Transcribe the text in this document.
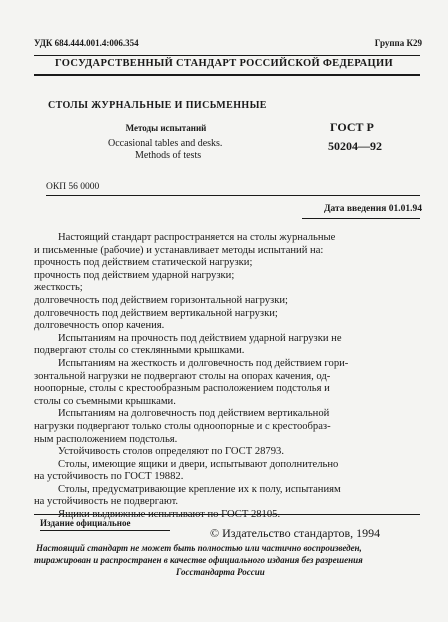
УДК 684.444.001.4:006.354	Группа К29
ГОСУДАРСТВЕННЫЙ СТАНДАРТ РОССИЙСКОЙ ФЕДЕРАЦИИ
СТОЛЫ ЖУРНАЛЬНЫЕ И ПИСЬМЕННЫЕ
Методы испытаний
Occasional tables and desks.
Methods of tests
ГОСТ Р
50204—92
ОКП 56 0000
Дата введения 01.01.94
Настоящий стандарт распространяется на столы журнальные
и письменные (рабочие) и устанавливает методы испытаний на:
прочность под действием статической нагрузки;
прочность под действием ударной нагрузки;
жесткость;
долговечность под действием горизонтальной нагрузки;
долговечность под действием вертикальной нагрузки;
долговечность опор качения.
Испытаниям на прочность под действием ударной нагрузки не
подвергают столы со стеклянными крышками.
Испытаниям на жесткость и долговечность под действием гори-
зонтальной нагрузки не подвергают столы на опорах качения, од-
ноопорные, столы с крестообразным расположением подстолья и
столы со съемными крышками.
Испытаниям на долговечность под действием вертикальной
нагрузки подвергают только столы одноопорные и с крестообраз-
ным расположением подстолья.
Устойчивость столов определяют по ГОСТ 28793.
Столы, имеющие ящики и двери, испытывают дополнительно
на устойчивость по ГОСТ 19882.
Столы, предусматривающие крепление их к полу, испытаниям
на устойчивость не подвергают.
Издание официальное
© Издательство стандартов, 1994
Настоящий стандарт не может быть полностью или частично воспроизведен,
тиражирован и распространен в качестве официального издания без разрешения
Госстандарта России
